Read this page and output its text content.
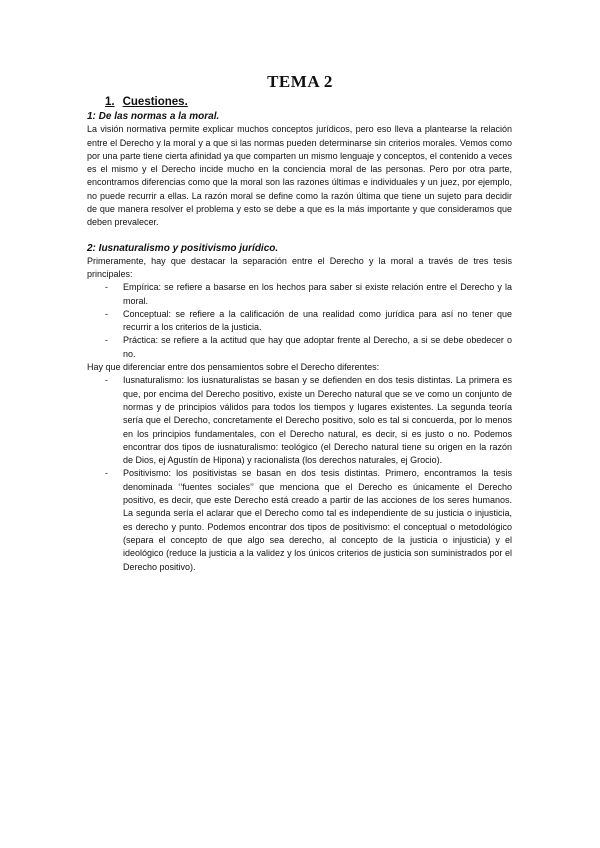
TEMA 2
1. Cuestiones.
1: De las normas a la moral.

La visión normativa permite explicar muchos conceptos jurídicos, pero eso lleva a plantearse la relación entre el Derecho y la moral y a que si las normas pueden determinarse sin criterios morales. Vemos como por una parte tiene cierta afinidad ya que comparten un mismo lenguaje y conceptos, el contenido a veces es el mismo y el Derecho incide mucho en la conciencia moral de las personas. Pero por otra parte, encontramos diferencias como que la moral son las razones últimas e individuales y un juez, por ejemplo, no puede recurrir a ellas. La razón moral se define como la razón última que tiene un sujeto para decidir de que manera resolver el problema y esto se debe a que es la más importante y que consideramos que deben prevalecer.

2: Iusnaturalismo y positivismo jurídico.

Primeramente, hay que destacar la separación entre el Derecho y la moral a través de tres tesis principales:

- Empírica: se refiere a basarse en los hechos para saber si existe relación entre el Derecho y la moral.
- Conceptual: se refiere a la calificación de una realidad como jurídica para así no tener que recurrir a los criterios de la justicia.
- Práctica: se refiere a la actitud que hay que adoptar frente al Derecho, a si se debe obedecer o no.

Hay que diferenciar entre dos pensamientos sobre el Derecho diferentes:

- Iusnaturalismo: los iusnaturalistas se basan y se defienden en dos tesis distintas. La primera es que, por encima del Derecho positivo, existe un Derecho natural que se ve como un conjunto de normas y de principios válidos para todos los tiempos y lugares existentes. La segunda teoría sería que el Derecho, concretamente el Derecho positivo, solo es tal si concuerda, por lo menos en los principios fundamentales, con el Derecho natural, es decir, si es justo o no. Podemos encontrar dos tipos de iusnaturalismo: teológico (el Derecho natural tiene su origen en la razón de Dios, ej Agustín de Hipona) y racionalista (los derechos naturales, ej Grocio).
- Positivismo: los positivistas se basan en dos tesis distintas. Primero, encontramos la tesis denominada ‘’fuentes sociales’’ que menciona que el Derecho es únicamente el Derecho positivo, es decir, que este Derecho está creado a partir de las acciones de los seres humanos. La segunda sería el aclarar que el Derecho como tal es independiente de su justicia o injusticia, es derecho y punto. Podemos encontrar dos tipos de positivismo: el conceptual o metodológico (separa el concepto de que algo sea derecho, al concepto de la justicia o injusticia) y el ideológico (reduce la justicia a la validez y los únicos criterios de justicia son suministrados por el Derecho positivo).
